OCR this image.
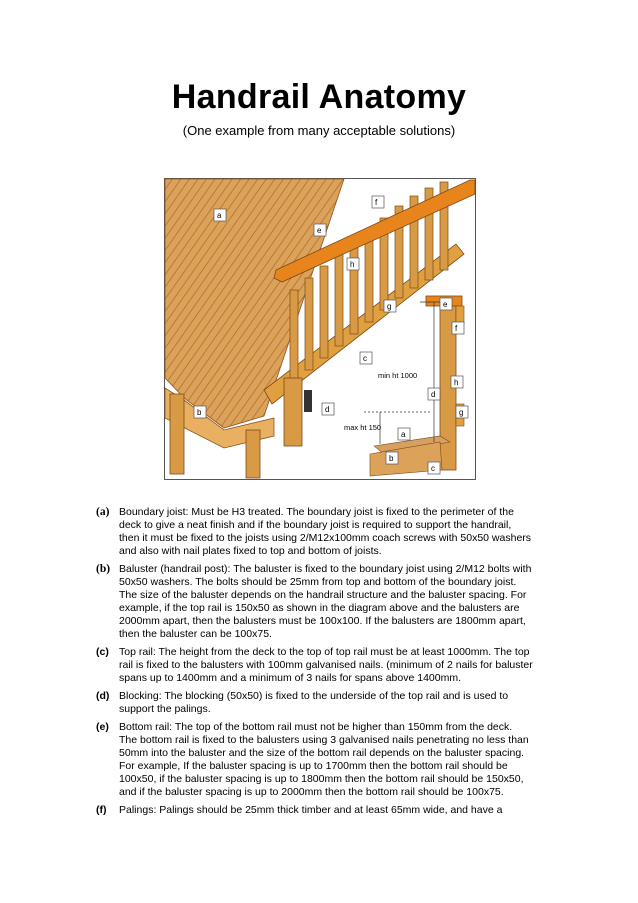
Handrail Anatomy
(One example from many acceptable solutions)
min ht 1000
max ht 150
a
b
c
d
e
f
h
g	e
f
h
d
g
a
b
c
(a) Boundary joist: Must be H3 treated. The boundary joist is fixed to the perimeter of the
deck to give a neat finish and if the boundary joist is required to support the handrail,
then it must be fixed to the joists using 2/M12x100mm coach screws with 50x50 washers
and also with nail plates fixed to top and bottom of joists.
(b) Baluster (handrail post): The baluster is fixed to the boundary joist using 2/M12 bolts with
50x50 washers. The bolts should be 25mm from top and bottom of the boundary joist.
The size of the baluster depends on the handrail structure and the baluster spacing. For
example, if the top rail is 150x50 as shown in the diagram above and the balusters are
2000mm apart, then the balusters must be 100x100. If the balusters are 1800mm apart,
then the baluster can be 100x75.
(c) Top rail: The height from the deck to the top of top rail must be at least 1000mm. The top
rail is fixed to the balusters with 100mm galvanised nails. (minimum of 2 nails for baluster
spans up to 1400mm and a minimum of 3 nails for spans above 1400mm.
(d) Blocking: The blocking (50x50) is fixed to the underside of the top rail and is used to
support the palings.
(e) Bottom rail: The top of the bottom rail must not be higher than 150mm from the deck.
The bottom rail is fixed to the balusters using 3 galvanised nails penetrating no less than
50mm into the baluster and the size of the bottom rail depends on the baluster spacing.
For example, If the baluster spacing is up to 1700mm then the bottom rail should be
100x50, if the baluster spacing is up to 1800mm then the bottom rail should be 150x50,
and if the baluster spacing is up to 2000mm then the bottom rail should be 100x75.
(f)	Palings: Palings should be 25mm thick timber and at least 65mm wide, and have a
